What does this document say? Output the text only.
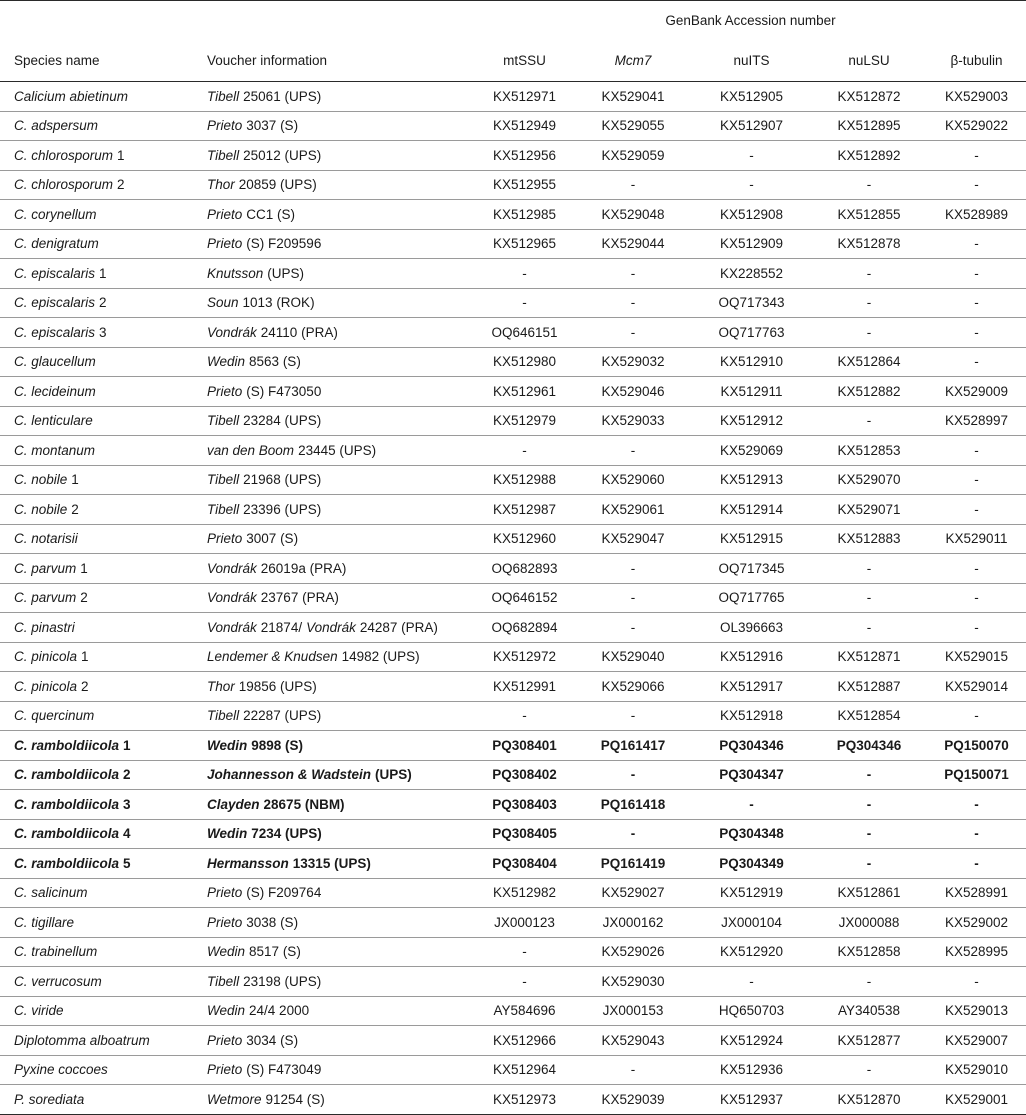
		GenBank Accession number				

Species name	Voucher information	mtSSU	Mcm7	nuITS	nuLSU	β-tubulin
Calicium abietinum	Tibell 25061 (UPS)	KX512971	KX529041	KX512905	KX512872	KX529003
C. adspersum	Prieto 3037 (S)	KX512949	KX529055	KX512907	KX512895	KX529022
C. chlorosporum 1	Tibell 25012 (UPS)	KX512956	KX529059	-	KX512892	-
C. chlorosporum 2	Thor 20859 (UPS)	KX512955	-	-	-	-
C. corynellum	Prieto CC1 (S)	KX512985	KX529048	KX512908	KX512855	KX528989
C. denigratum	Prieto (S) F209596	KX512965	KX529044	KX512909	KX512878	-
C. episcalaris 1	Knutsson (UPS)	-	-	KX228552	-	-
C. episcalaris 2	Soun 1013 (ROK)	-	-	OQ717343	-	-
C. episcalaris 3	Vondrák 24110 (PRA)	OQ646151	-	OQ717763	-	-
C. glaucellum	Wedin 8563 (S)	KX512980	KX529032	KX512910	KX512864	-
C. lecideinum	Prieto (S) F473050	KX512961	KX529046	KX512911	KX512882	KX529009
C. lenticulare	Tibell 23284 (UPS)	KX512979	KX529033	KX512912	-	KX528997
C. montanum	van den Boom 23445 (UPS)	-	-	KX529069	KX512853	-
C. nobile 1	Tibell 21968 (UPS)	KX512988	KX529060	KX512913	KX529070	-
C. nobile 2	Tibell 23396 (UPS)	KX512987	KX529061	KX512914	KX529071	-
C. notarisii	Prieto 3007 (S)	KX512960	KX529047	KX512915	KX512883	KX529011
C. parvum 1	Vondrák 26019a (PRA)	OQ682893	-	OQ717345	-	-
C. parvum 2	Vondrák 23767 (PRA)	OQ646152	-	OQ717765	-	-
C. pinastri	Vondrák 21874/ Vondrák 24287 (PRA)	OQ682894	-	OL396663	-	-
C. pinicola 1	Lendemer & Knudsen 14982 (UPS)	KX512972	KX529040	KX512916	KX512871	KX529015
C. pinicola 2	Thor 19856 (UPS)	KX512991	KX529066	KX512917	KX512887	KX529014
C. quercinum	Tibell 22287 (UPS)	-	-	KX512918	KX512854	-
C. ramboldiicola 1	Wedin 9898 (S)	PQ308401	PQ161417	PQ304346	PQ304346	PQ150070
C. ramboldiicola 2	Johannesson & Wadstein (UPS)	PQ308402	-	PQ304347	-	PQ150071
C. ramboldiicola 3	Clayden 28675 (NBM)	PQ308403	PQ161418	-	-	-
C. ramboldiicola 4	Wedin 7234 (UPS)	PQ308405	-	PQ304348	-	-
C. ramboldiicola 5	Hermansson 13315 (UPS)	PQ308404	PQ161419	PQ304349	-	-
C. salicinum	Prieto (S) F209764	KX512982	KX529027	KX512919	KX512861	KX528991
C. tigillare	Prieto 3038 (S)	JX000123	JX000162	JX000104	JX000088	KX529002
C. trabinellum	Wedin 8517 (S)	-	KX529026	KX512920	KX512858	KX528995
C. verrucosum	Tibell 23198 (UPS)	-	KX529030	-	-	-
C. viride	Wedin 24/4 2000	AY584696	JX000153	HQ650703	AY340538	KX529013
Diplotomma alboatrum	Prieto 3034 (S)	KX512966	KX529043	KX512924	KX512877	KX529007
Pyxine coccoes	Prieto (S) F473049	KX512964	-	KX512936	-	KX529010
P. sorediata	Wetmore 91254 (S)	KX512973	KX529039	KX512937	KX512870	KX529001
